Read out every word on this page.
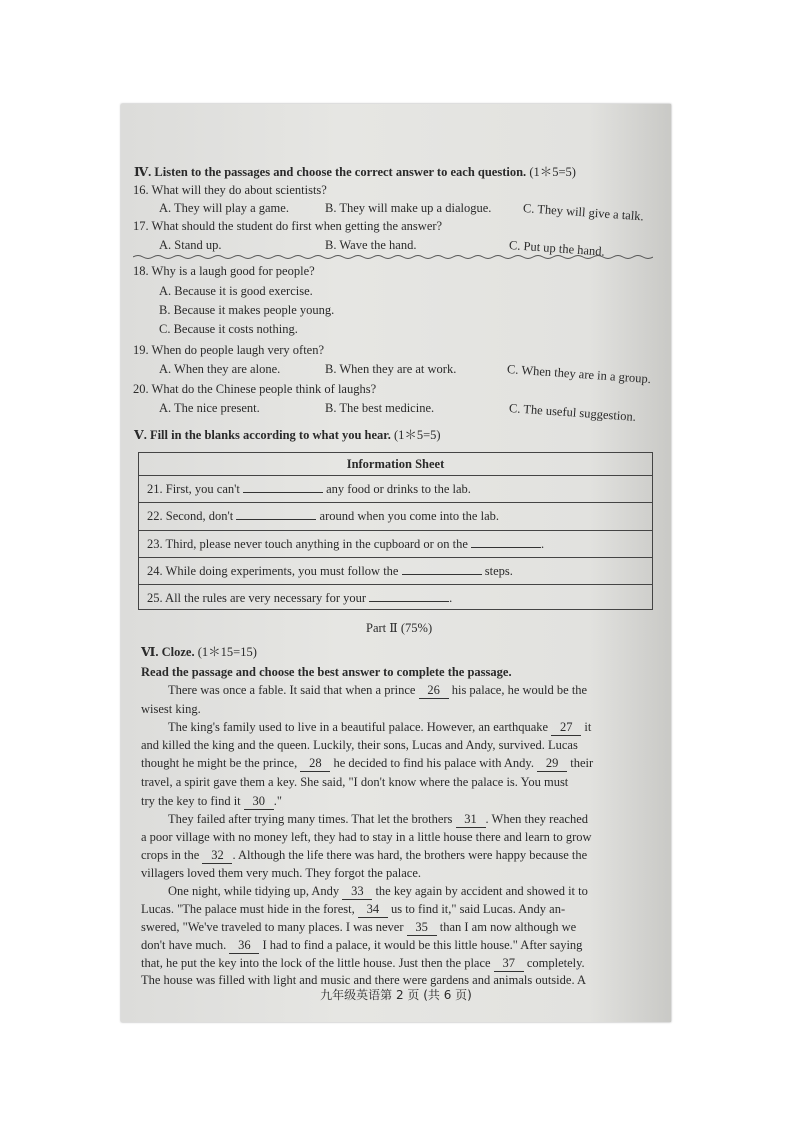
Ⅳ. Listen to the passages and choose the correct answer to each question. (1＊5=5)
16. What will they do about scientists?
A. They will play a game.	B. They will make up a dialogue. C. They will give a talk.
17. What should the student do first when getting the answer?
A. Stand up.	B. Wave the hand.	C. Put up the hand.
18. Why is a laugh good for people?
A. Because it is good exercise.
B. Because it makes people young.
C. Because it costs nothing.
19. When do people laugh very often?
A. When they are alone.	B. When they are at work.	C. When they are in a group.
20. What do the Chinese people think of laughs?
A. The nice present.	B. The best medicine.	C. The useful suggestion.
Ⅴ. Fill in the blanks according to what you hear. (1＊5=5)
Information Sheet
21. First, you can't	any food or drinks to the lab.
22. Second, don't	around when you come into the lab.
23. Third, please never touch anything in the cupboard or on the	.
24. While doing experiments, you must follow the	steps.
25. All the rules are very necessary for your	.
Part Ⅱ (75%)
Ⅵ. Cloze. (1＊15=15)
Read the passage and choose the best answer to complete the passage.
There was once a fable. It said that when a prince 26 his palace, he would be the
wisest king.
The king's family used to live in a beautiful palace. However, an earthquake 27 it
and killed the king and the queen. Luckily, their sons, Lucas and Andy, survived. Lucas
thought he might be the prince, 28 he decided to find his palace with Andy. 29 their
travel, a spirit gave them a key. She said, "I don't know where the palace is. You must
try the key to find it 30 ."
They failed after trying many times. That let the brothers 31 . When they reached
a poor village with no money left, they had to stay in a little house there and learn to grow
crops in the 32 . Although the life there was hard, the brothers were happy because the
villagers loved them very much. They forgot the palace.
One night, while tidying up, Andy 33 the key again by accident and showed it to
Lucas. "The palace must hide in the forest, 34 us to find it," said Lucas. Andy an-
swered, "We've traveled to many places. I was never 35 than I am now although we
don't have much. 36 I had to find a palace, it would be this little house." After saying
that, he put the key into the lock of the little house. Just then the place 37 completely.
The house was filled with light and music and there were gardens and animals outside. A
九年级英语第 2 页 (共 6 页)
